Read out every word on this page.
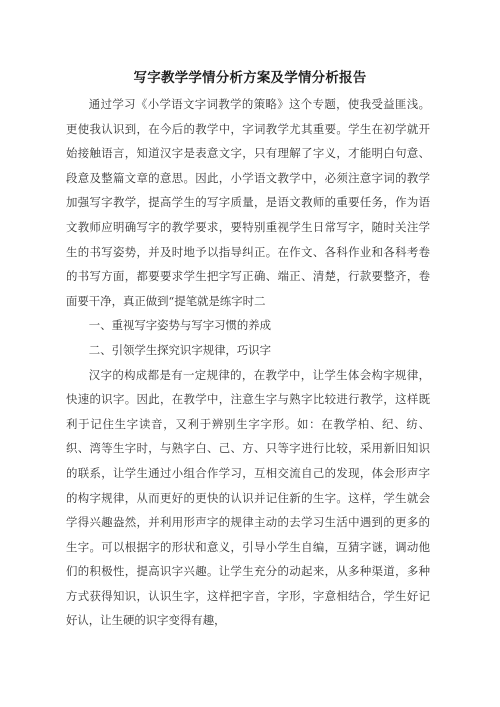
写字教学学情分析方案及学情分析报告

通过学习《小学语文字词教学的策略》这个专题，使我受益匪浅。更使我认识到，在今后的教学中，字词教学尤其重要。学生在初学就开始接触语言，知道汉字是表意文字，只有理解了字义，才能明白句意、段意及整篇文章的意思。因此，小学语文教学中，必须注意字词的教学加强写字教学，提高学生的写字质量，是语文教师的重要任务，作为语文教师应明确写字的教学要求，要特别重视学生日常写字，随时关注学生的书写姿势，并及时地予以指导纠正。在作文、各科作业和各科考卷的书写方面，都要要求学生把字写正确、端正、清楚，行款要整齐，卷面要干净，真正做到“提笔就是练字时二

一、重视写字姿势与写字习惯的养成

二、引领学生探究识字规律，巧识字

汉字的构成都是有一定规律的，在教学中，让学生体会构字规律，快速的识字。因此，在教学中，注意生字与熟字比较进行教学，这样既利于记住生字读音，又利于辨别生字字形。如：在教学柏、纪、纺、织、湾等生字时，与熟字白、己、方、只等字进行比较，采用新旧知识的联系，让学生通过小组合作学习，互相交流自己的发现，体会形声字的构字规律，从而更好的更快的认识并记住新的生字。这样，学生就会学得兴趣盎然，并利用形声字的规律主动的去学习生活中遇到的更多的生字。可以根据字的形状和意义，引导小学生自编，互猜字谜，调动他们的积极性，提高识字兴趣。让学生充分的动起来，从多种渠道，多种方式获得知识，认识生字，这样把字音，字形，字意相结合，学生好记好认，让生硬的识字变得有趣，
